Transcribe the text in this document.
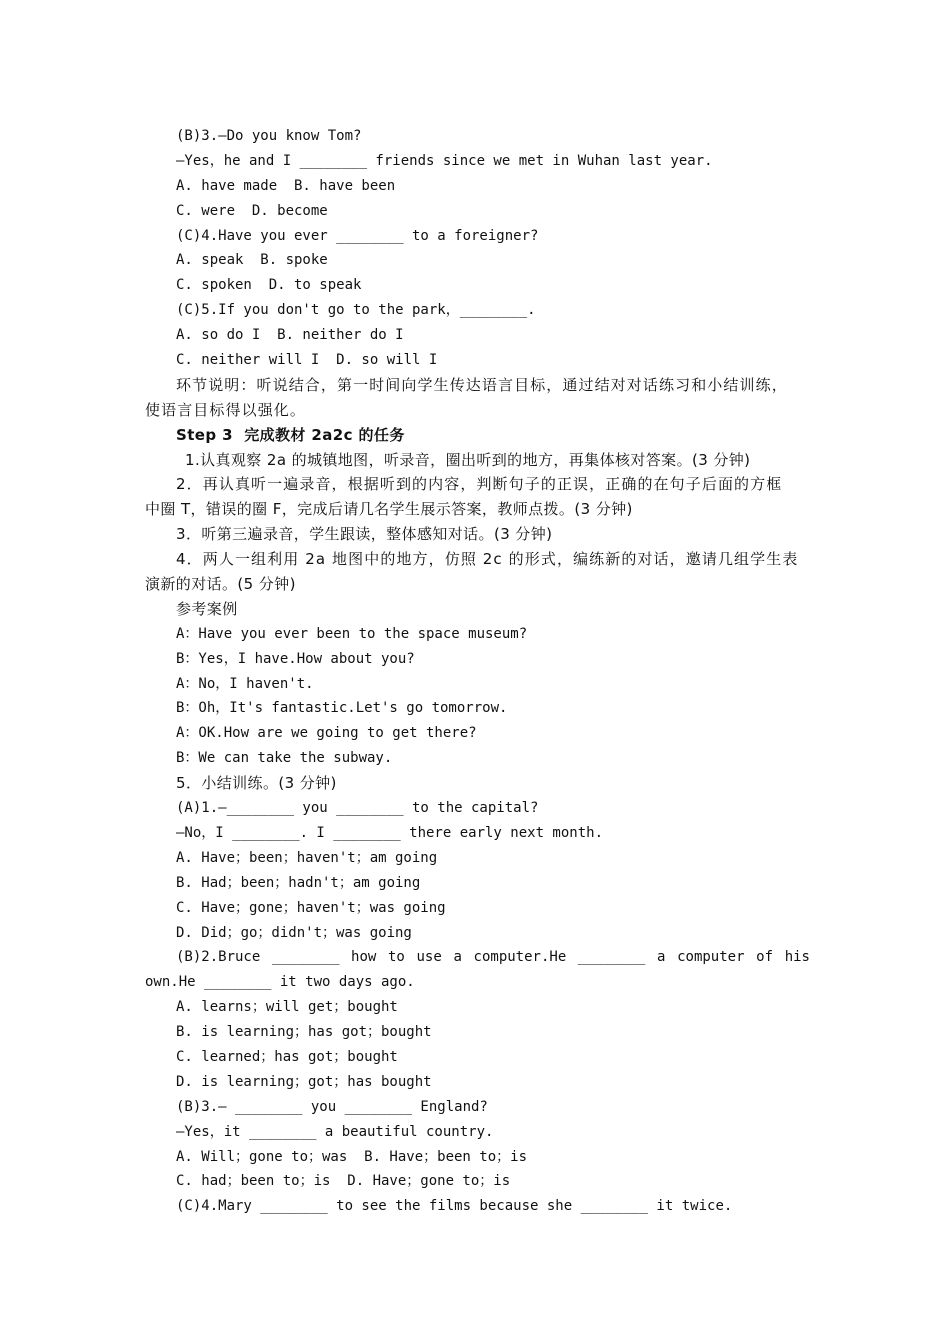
(B)3.—Do you know Tom?
—Yes，he and I ________ friends since we met in Wuhan last year.
A. have made  B. have been
C. were  D. become
(C)4.Have you ever ________ to a foreigner?
A. speak  B. spoke
C. spoken  D. to speak
(C)5.If you don't go to the park，________.
A. so do I  B. neither do I
C. neither will I  D. so will I
环节说明：听说结合，第一时间向学生传达语言目标，通过结对对话练习和小结训练，
使语言目标得以强化。
Step 3  完成教材 2a2c 的任务
1.认真观察 2a 的城镇地图，听录音，圈出听到的地方，再集体核对答案。(3 分钟)
2．再认真听一遍录音，根据听到的内容，判断句子的正误，正确的在句子后面的方框
中圈 T，错误的圈 F，完成后请几名学生展示答案，教师点拨。(3 分钟)
3．听第三遍录音，学生跟读，整体感知对话。(3 分钟)
4．两人一组利用 2a 地图中的地方，仿照 2c 的形式，编练新的对话，邀请几组学生表
演新的对话。(5 分钟)
参考案例
A：Have you ever been to the space museum?
B：Yes，I have.How about you?
A：No，I haven't.
B：Oh，It's fantastic.Let's go tomorrow.
A：OK.How are we going to get there?
B：We can take the subway.
5．小结训练。(3 分钟)
(A)1.—________ you ________ to the capital?
—No，I ________. I ________ there early next month.
A. Have；been；haven't；am going
B. Had；been；hadn't；am going
C. Have；gone；haven't；was going
D. Did；go；didn't；was going
(B)2.Bruce ________ how to use a computer.He ________ a computer of his
own.He ________ it two days ago.
A. learns；will get；bought
B. is learning；has got；bought
C. learned；has got；bought
D. is learning；got；has bought
(B)3.— ________ you ________ England?
—Yes，it ________ a beautiful country.
A. Will；gone to；was  B. Have；been to；is
C. had；been to；is  D. Have；gone to；is
(C)4.Mary ________ to see the films because she ________ it twice.
